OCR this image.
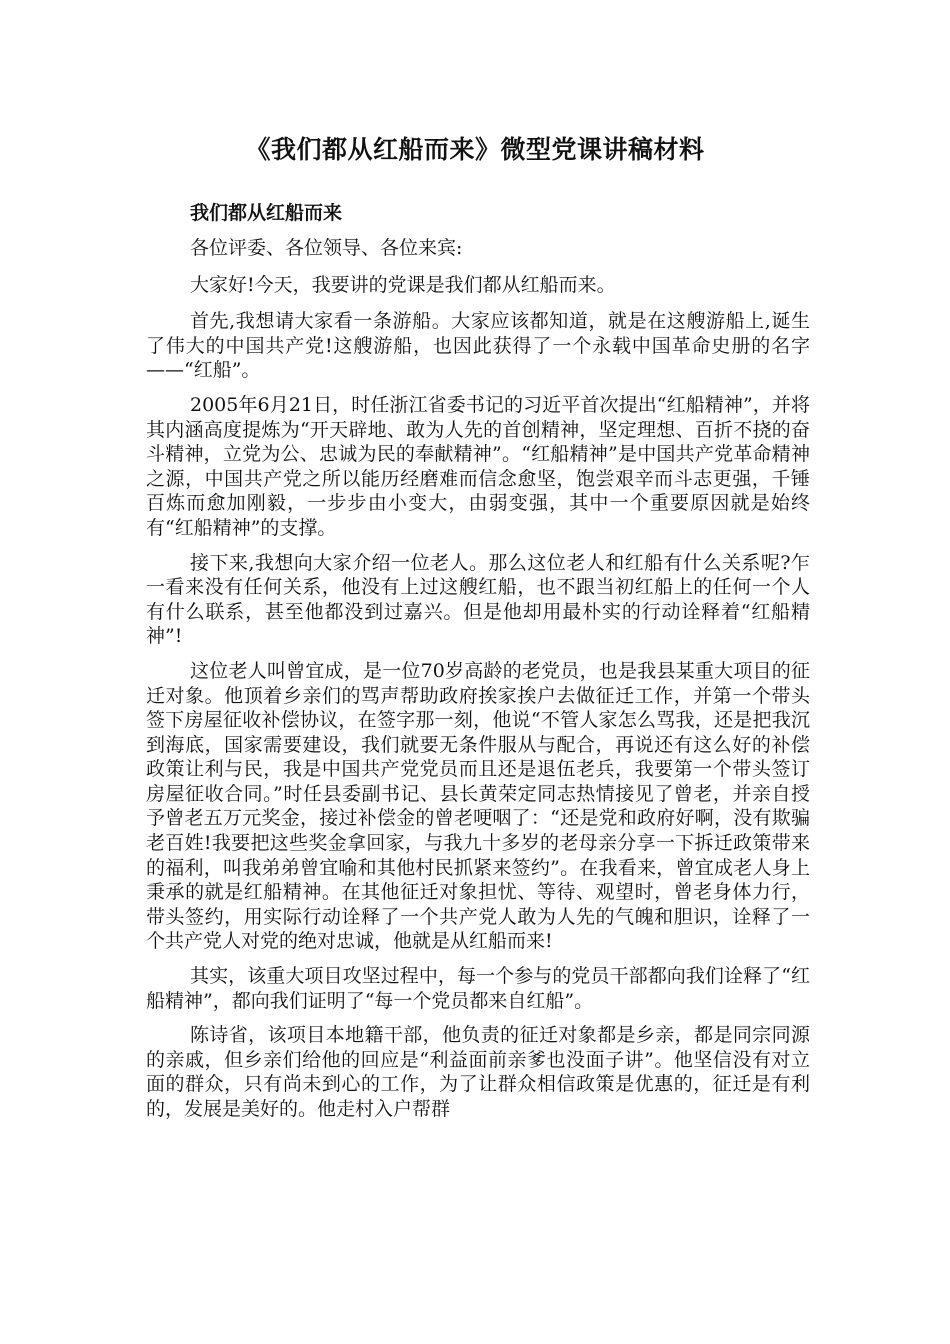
《我们都从红船而来》微型党课讲稿材料

我们都从红船而来

各位评委、各位领导、各位来宾:

大家好!今天，我要讲的党课是我们都从红船而来。

首先,我想请大家看一条游船。大家应该都知道，就是在这艘游船上,诞生了伟大的中国共产党!这艘游船，也因此获得了一个永载中国革命史册的名字——“红船”。

2005年6月21日，时任浙江省委书记的习近平首次提出“红船精神”，并将其内涵高度提炼为“开天辟地、敢为人先的首创精神，坚定理想、百折不挠的奋斗精神，立党为公、忠诚为民的奉献精神”。“红船精神”是中国共产党革命精神之源，中国共产党之所以能历经磨难而信念愈坚，饱尝艰辛而斗志更强，千锤百炼而愈加刚毅，一步步由小变大，由弱变强，其中一个重要原因就是始终有“红船精神”的支撑。

接下来,我想向大家介绍一位老人。那么这位老人和红船有什么关系呢?乍一看来没有任何关系，他没有上过这艘红船，也不跟当初红船上的任何一个人有什么联系，甚至他都没到过嘉兴。但是他却用最朴实的行动诠释着“红船精神”!

这位老人叫曾宜成，是一位70岁高龄的老党员，也是我县某重大项目的征迁对象。他顶着乡亲们的骂声帮助政府挨家挨户去做征迁工作，并第一个带头签下房屋征收补偿协议，在签字那一刻，他说“不管人家怎么骂我，还是把我沉到海底，国家需要建设，我们就要无条件服从与配合，再说还有这么好的补偿政策让利与民，我是中国共产党党员而且还是退伍老兵，我要第一个带头签订房屋征收合同。”时任县委副书记、县长黄荣定同志热情接见了曾老，并亲自授予曾老五万元奖金，接过补偿金的曾老哽咽了：“还是党和政府好啊，没有欺骗老百姓!我要把这些奖金拿回家，与我九十多岁的老母亲分享一下拆迁政策带来的福利，叫我弟弟曾宜喻和其他村民抓紧来签约”。在我看来，曾宜成老人身上秉承的就是红船精神。在其他征迁对象担忧、等待、观望时，曾老身体力行，带头签约，用实际行动诠释了一个共产党人敢为人先的气魄和胆识，诠释了一个共产党人对党的绝对忠诚，他就是从红船而来!

其实，该重大项目攻坚过程中，每一个参与的党员干部都向我们诠释了“红船精神”，都向我们证明了“每一个党员都来自红船”。

陈诗省，该项目本地籍干部，他负责的征迁对象都是乡亲，都是同宗同源的亲戚，但乡亲们给他的回应是“利益面前亲爹也没面子讲”。他坚信没有对立面的群众，只有尚未到心的工作，为了让群众相信政策是优惠的，征迁是有利的，发展是美好的。他走村入户帮群
